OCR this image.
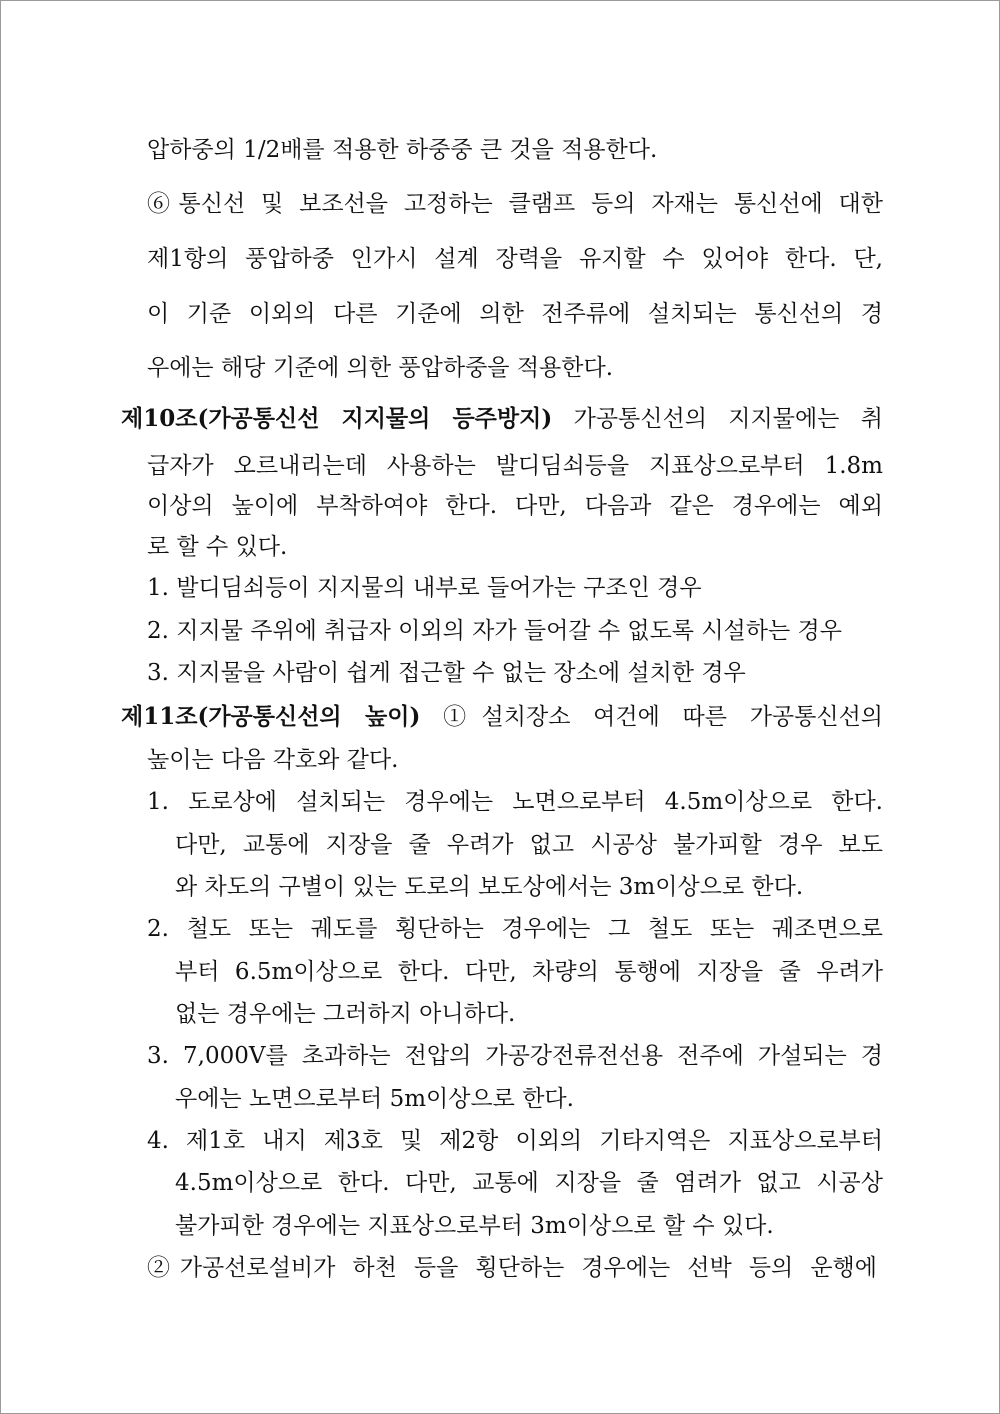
압하중의 1/2배를 적용한 하중중 큰 것을 적용한다.
⑥통신선 및 보조선을 고정하는 클램프 등의 자재는 통신선에 대한
제1항의 풍압하중 인가시 설계 장력을 유지할 수 있어야 한다. 단,
이 기준 이외의 다른 기준에 의한 전주류에 설치되는 통신선의 경
우에는 해당 기준에 의한 풍압하중을 적용한다.
제10조(가공통신선 지지물의 등주방지) 가공통신선의 지지물에는 취
급자가 오르내리는데 사용하는 발디딤쇠등을 지표상으로부터 1.8m
이상의 높이에 부착하여야 한다. 다만, 다음과 같은 경우에는 예외
로 할 수 있다.
1. 발디딤쇠등이 지지물의 내부로 들어가는 구조인 경우
2. 지지물 주위에 취급자 이외의 자가 들어갈 수 없도록 시설하는 경우
3. 지지물을 사람이 쉽게 접근할 수 없는 장소에 설치한 경우
제11조(가공통신선의 높이) ①설치장소 여건에 따른 가공통신선의
높이는 다음 각호와 같다.
1. 도로상에 설치되는 경우에는 노면으로부터 4.5m이상으로 한다.
다만, 교통에 지장을 줄 우려가 없고 시공상 불가피할 경우 보도
와 차도의 구별이 있는 도로의 보도상에서는 3m이상으로 한다.
2. 철도 또는 궤도를 횡단하는 경우에는 그 철도 또는 궤조면으로
부터 6.5m이상으로 한다. 다만, 차량의 통행에 지장을 줄 우려가
없는 경우에는 그러하지 아니하다.
3. 7,000V를 초과하는 전압의 가공강전류전선용 전주에 가설되는 경
우에는 노면으로부터 5m이상으로 한다.
4. 제1호 내지 제3호 및 제2항 이외의 기타지역은 지표상으로부터
4.5m이상으로 한다. 다만, 교통에 지장을 줄 염려가 없고 시공상
불가피한 경우에는 지표상으로부터 3m이상으로 할 수 있다.
②가공선로설비가 하천 등을 횡단하는 경우에는 선박 등의 운행에
